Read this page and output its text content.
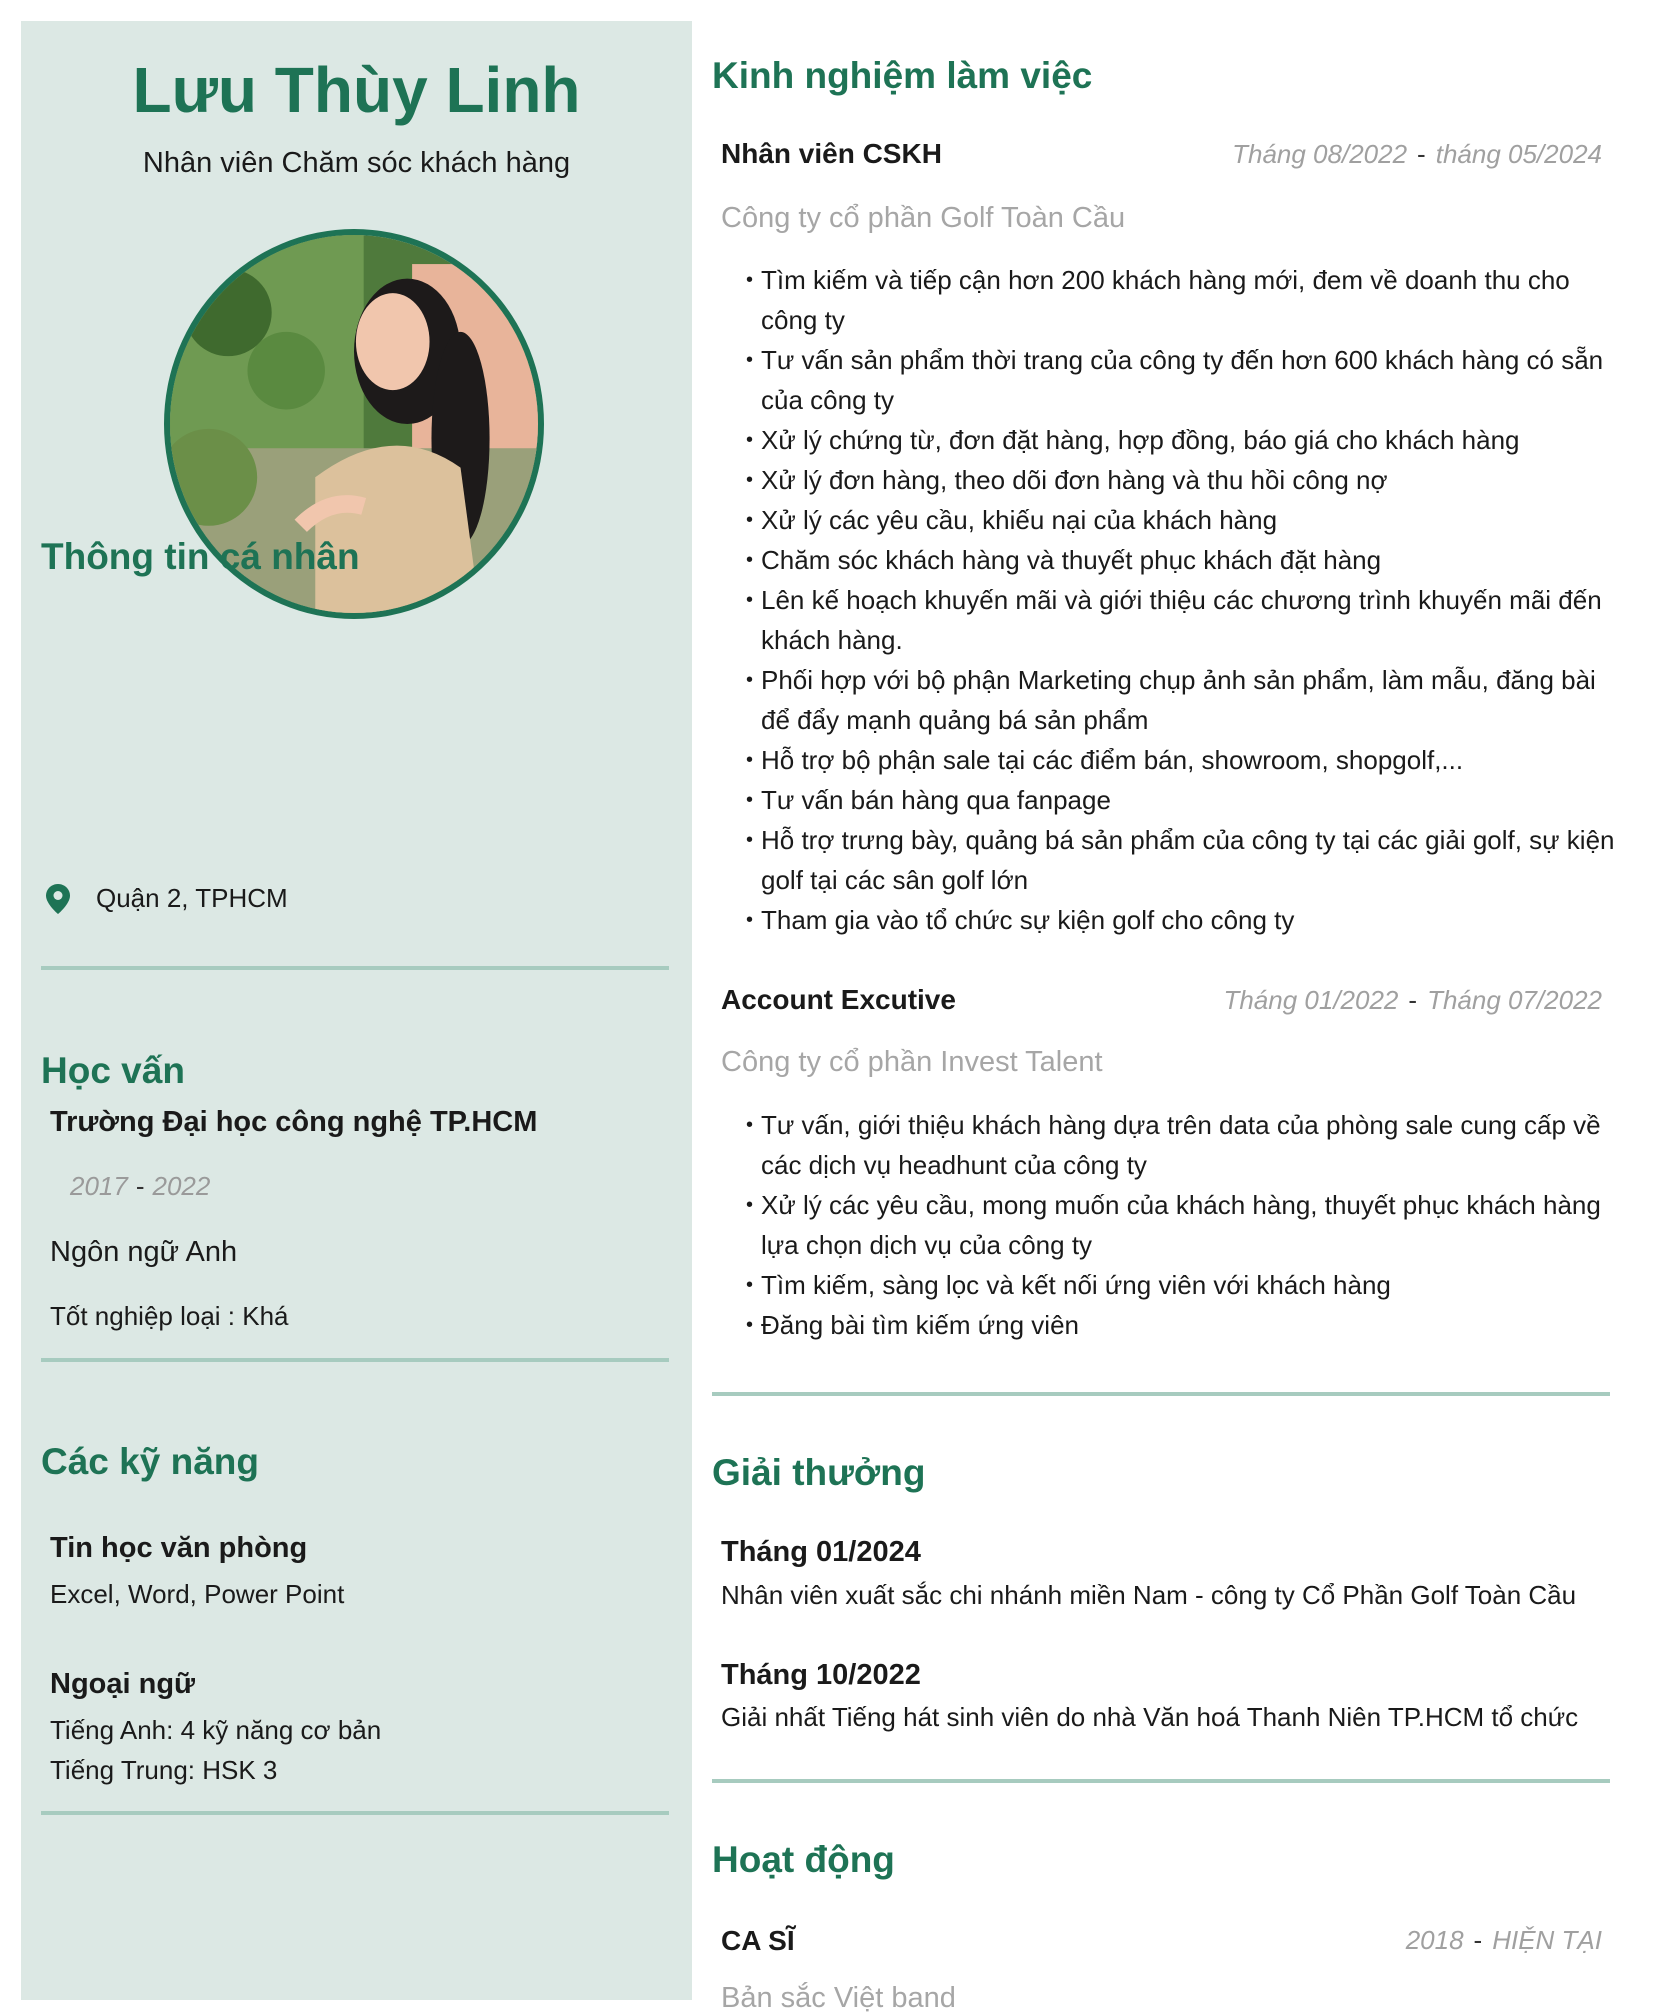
Lưu Thùy Linh
Nhân viên Chăm sóc khách hàng
Thông tin cá nhân
Quận 2, TPHCM
Học vấn
Trường Đại học công nghệ TP.HCM
2017 - 2022
Ngôn ngữ Anh
Tốt nghiệp loại : Khá
Các kỹ năng
Tin học văn phòng
Excel, Word, Power Point
Ngoại ngữ
Tiếng Anh: 4 kỹ năng cơ bản
Tiếng Trung: HSK 3
Kinh nghiệm làm việc
Nhân viên CSKH	Tháng 08/2022 - tháng 05/2024
Công ty cổ phần Golf Toàn Cầu
• Tìm kiếm và tiếp cận hơn 200 khách hàng mới, đem về doanh thu cho công ty
• Tư vấn sản phẩm thời trang của công ty đến hơn 600 khách hàng có sẵn của công ty
• Xử lý chứng từ, đơn đặt hàng, hợp đồng, báo giá cho khách hàng
• Xử lý đơn hàng, theo dõi đơn hàng và thu hồi công nợ
• Xử lý các yêu cầu, khiếu nại của khách hàng
• Chăm sóc khách hàng và thuyết phục khách đặt hàng
• Lên kế hoạch khuyến mãi và giới thiệu các chương trình khuyến mãi đến khách hàng.
• Phối hợp với bộ phận Marketing chụp ảnh sản phẩm, làm mẫu, đăng bài để đẩy mạnh quảng bá sản phẩm
• Hỗ trợ bộ phận sale tại các điểm bán, showroom, shopgolf,...
• Tư vấn bán hàng qua fanpage
• Hỗ trợ trưng bày, quảng bá sản phẩm của công ty tại các giải golf, sự kiện golf tại các sân golf lớn
• Tham gia vào tổ chức sự kiện golf cho công ty
Account Excutive	Tháng 01/2022 - Tháng 07/2022
Công ty cổ phần Invest Talent
• Tư vấn, giới thiệu khách hàng dựa trên data của phòng sale cung cấp về các dịch vụ headhunt của công ty
• Xử lý các yêu cầu, mong muốn của khách hàng, thuyết phục khách hàng lựa chọn dịch vụ của công ty
• Tìm kiếm, sàng lọc và kết nối ứng viên với khách hàng
• Đăng bài tìm kiếm ứng viên
Giải thưởng
Tháng 01/2024
Nhân viên xuất sắc chi nhánh miền Nam - công ty Cổ Phần Golf Toàn Cầu
Tháng 10/2022
Giải nhất Tiếng hát sinh viên do nhà Văn hoá Thanh Niên TP.HCM tổ chức
Hoạt động
CA SĨ	2018 - HIỆN TẠI
Bản sắc Việt band
